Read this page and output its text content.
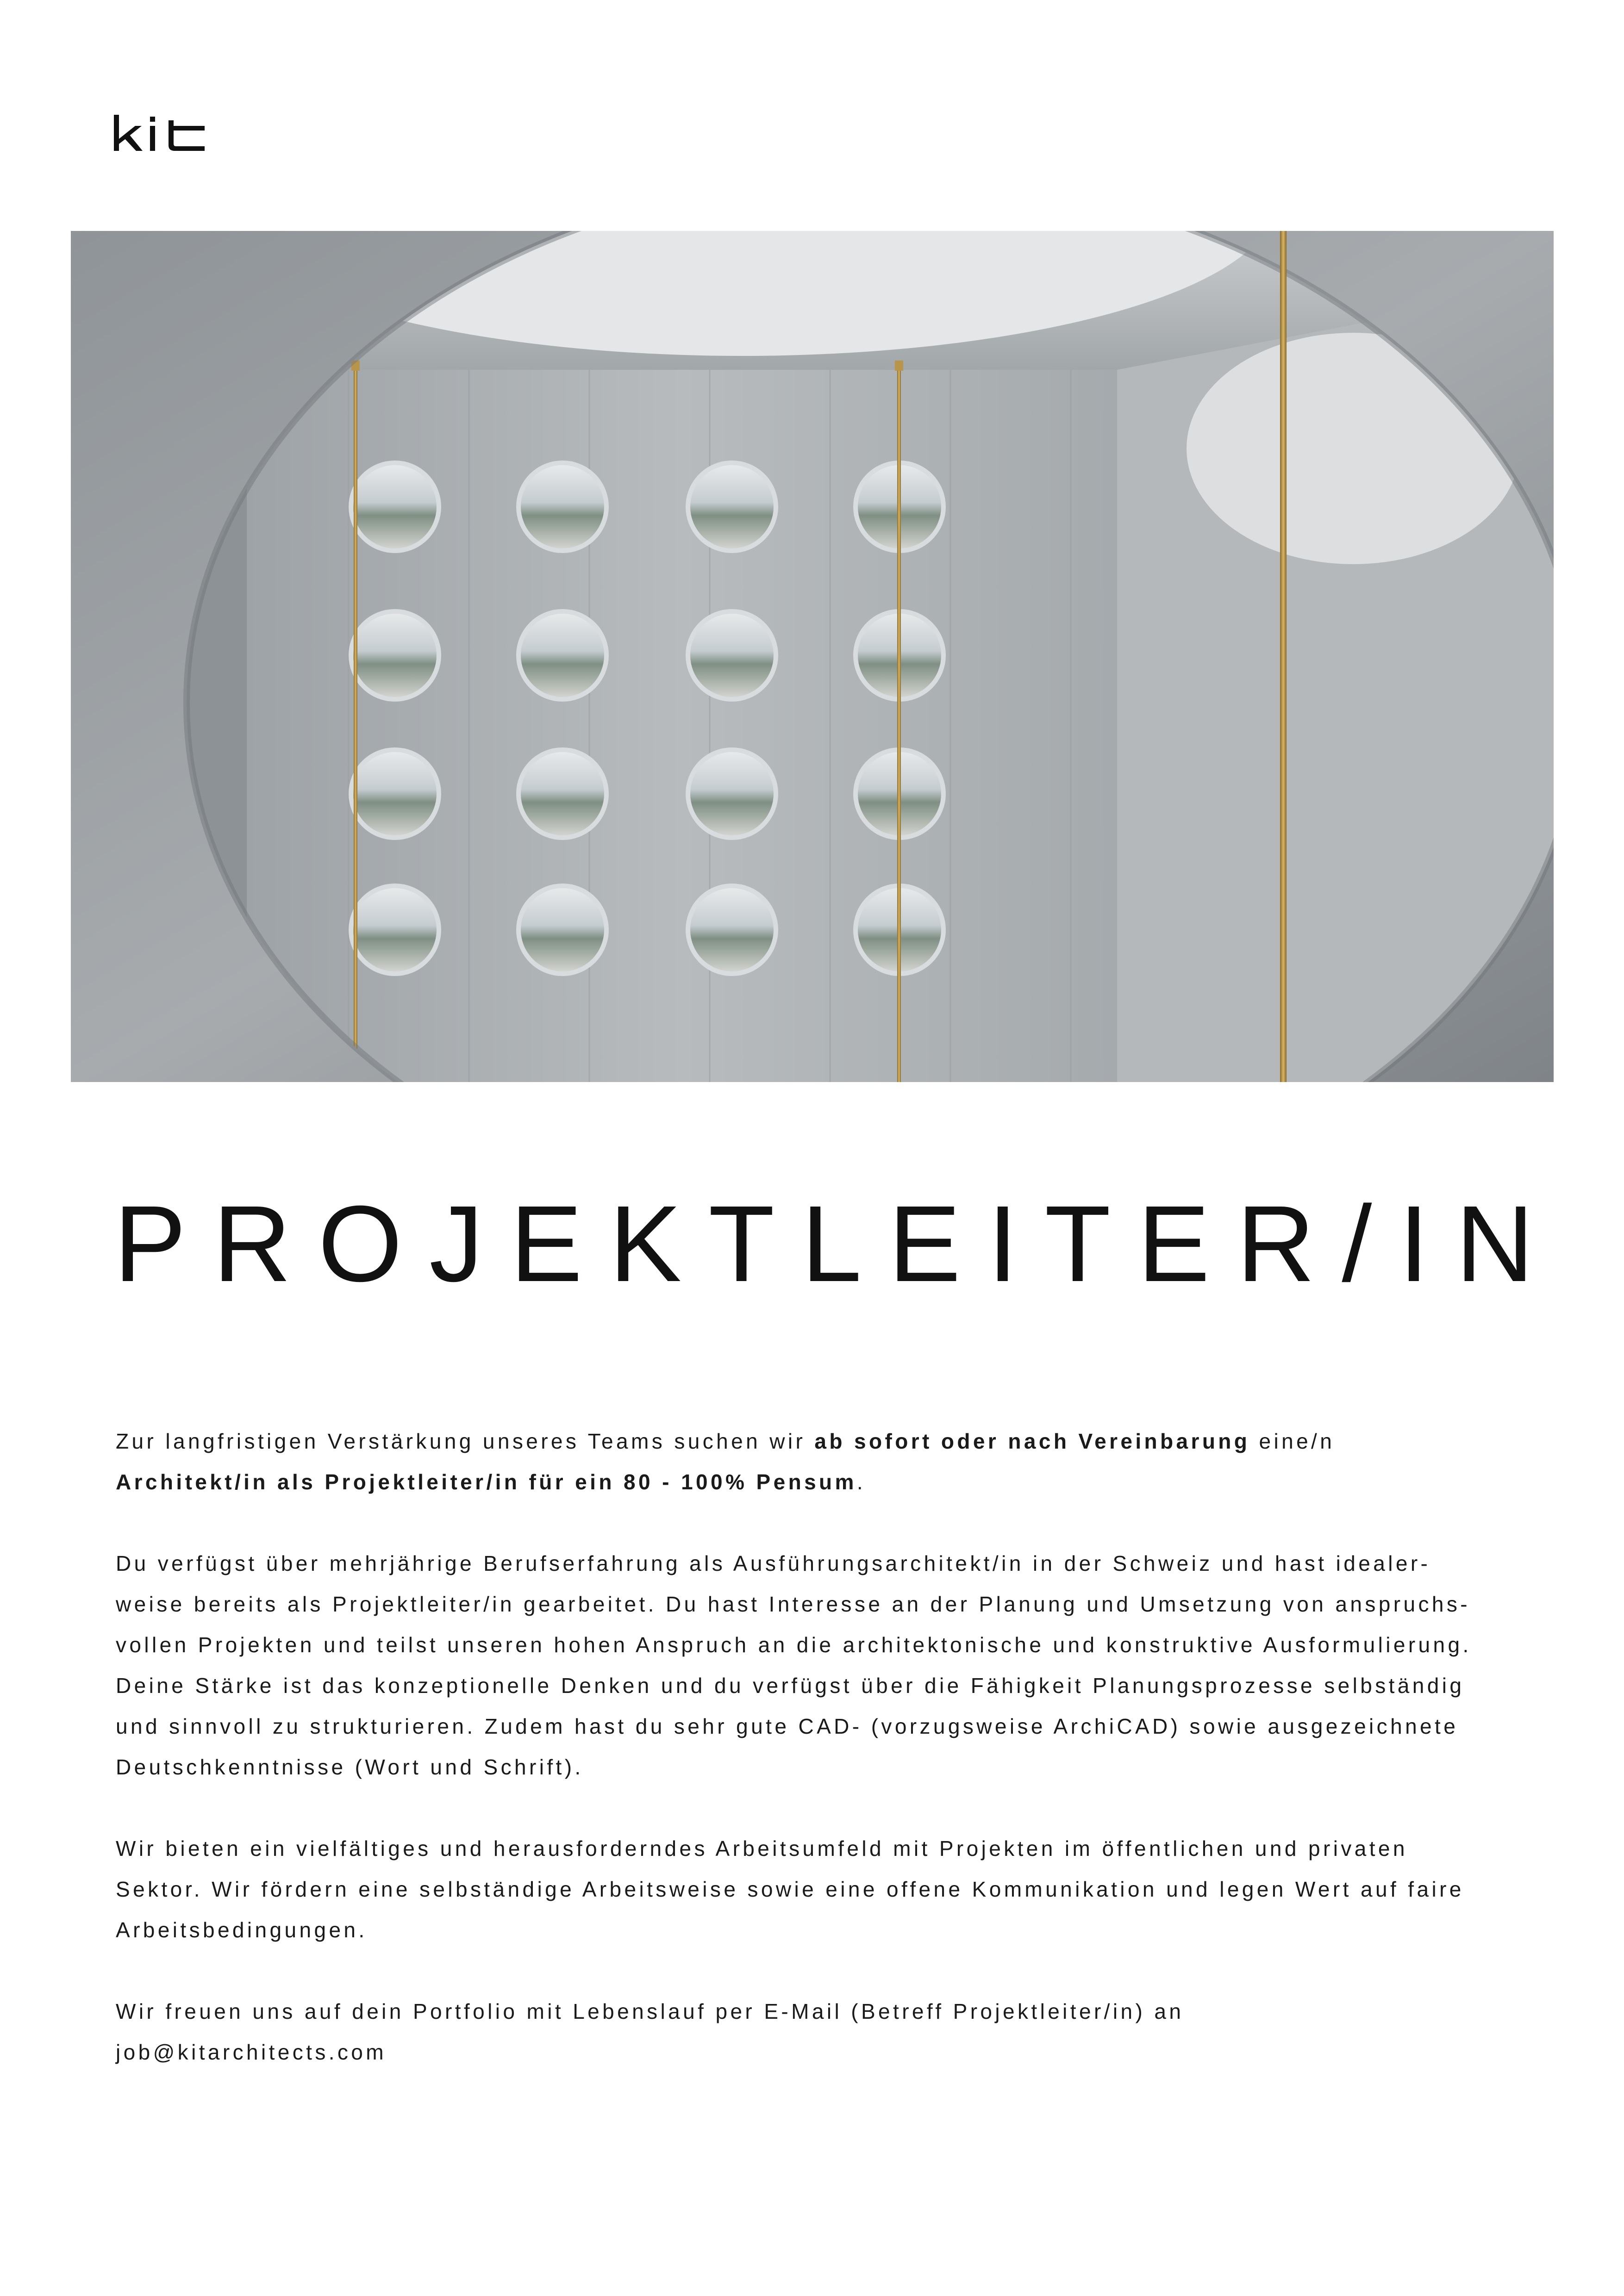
PROJEKTLEITER/IN

Zur langfristigen Verstärkung unseres Teams suchen wir ab sofort oder nach Vereinbarung eine/n
Architekt/in als Projektleiter/in für ein 80 - 100% Pensum.

Du verfügst über mehrjährige Berufserfahrung als Ausführungsarchitekt/in in der Schweiz und hast idealer-
weise bereits als Projektleiter/in gearbeitet. Du hast Interesse an der Planung und Umsetzung von anspruchs-
vollen Projekten und teilst unseren hohen Anspruch an die architektonische und konstruktive Ausformulierung.
Deine Stärke ist das konzeptionelle Denken und du verfügst über die Fähigkeit Planungsprozesse selbständig
und sinnvoll zu strukturieren. Zudem hast du sehr gute CAD- (vorzugsweise ArchiCAD) sowie ausgezeichnete
Deutschkenntnisse (Wort und Schrift).

Wir bieten ein vielfältiges und herausforderndes Arbeitsumfeld mit Projekten im öffentlichen und privaten
Sektor. Wir fördern eine selbständige Arbeitsweise sowie eine offene Kommunikation und legen Wert auf faire
Arbeitsbedingungen.

Wir freuen uns auf dein Portfolio mit Lebenslauf per E-Mail (Betreff Projektleiter/in) an
job@kitarchitects.com
